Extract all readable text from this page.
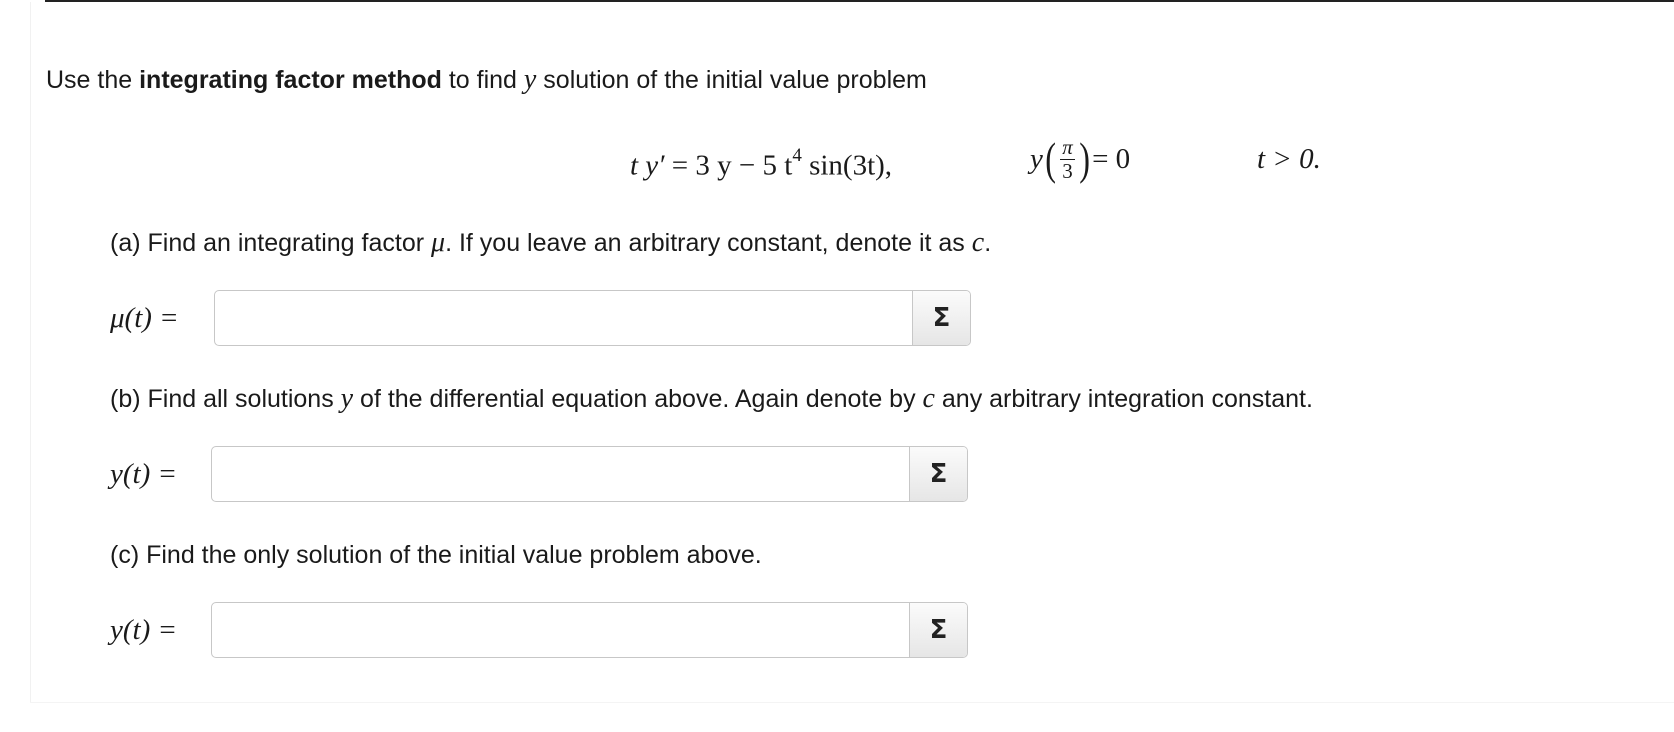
Use the integrating factor method to find y solution of the initial value problem
t y′ = 3 y − 5 $t^4$ sin(3t),	y ( $\frac{\pi}{3}$ ) = 0	t > 0.
(a) Find an integrating factor μ. If you leave an arbitrary constant, denote it as c.
μ(t) =	Σ
(b) Find all solutions y of the differential equation above. Again denote by c any arbitrary integration constant.
y(t) =	Σ
(c) Find the only solution of the initial value problem above.
y(t) =	Σ
